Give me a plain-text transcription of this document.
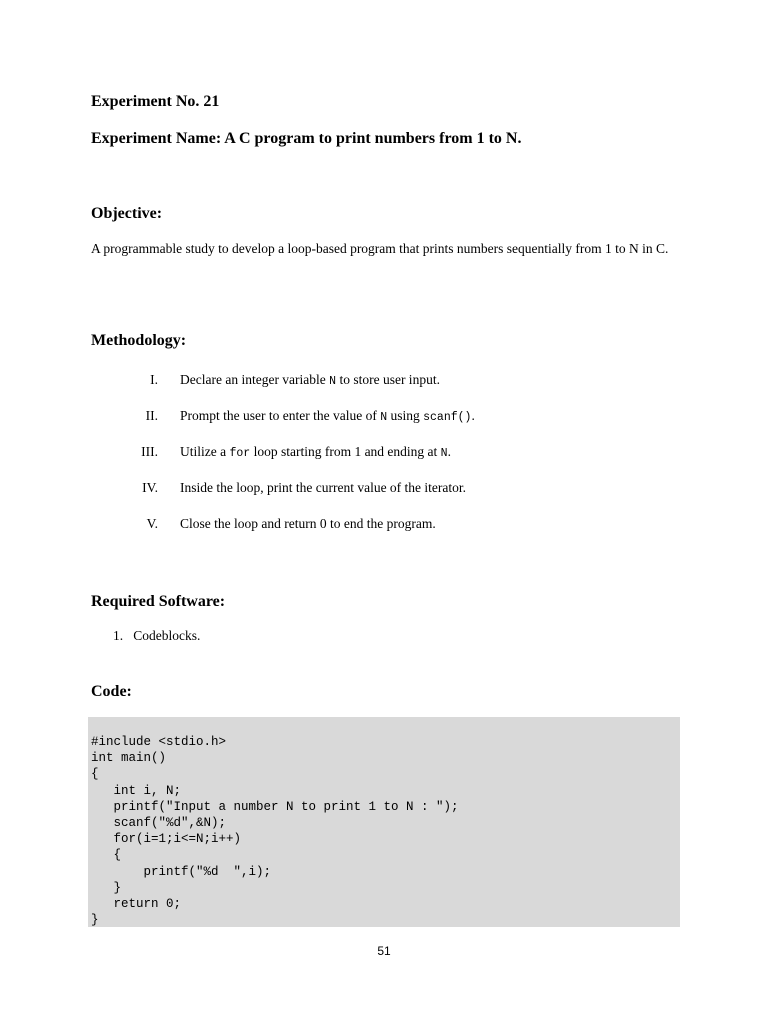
Experiment No. 21
Experiment Name: A C program to print numbers from 1 to N.
Objective:
A programmable study to develop a loop-based program that prints numbers sequentially from 1 to N in C.
Methodology:
I. Declare an integer variable N to store user input.
II. Prompt the user to enter the value of N using scanf().
III. Utilize a for loop starting from 1 and ending at N.
IV. Inside the loop, print the current value of the iterator.
V. Close the loop and return 0 to end the program.
Required Software:
1. Codeblocks.
Code:
#include <stdio.h>
int main()
{
int i, N;
printf("Input a number N to print 1 to N : ");
scanf("%d",&N);
for(i=1;i<=N;i++)
{
printf("%d  ",i);
}
return 0;
}
51
